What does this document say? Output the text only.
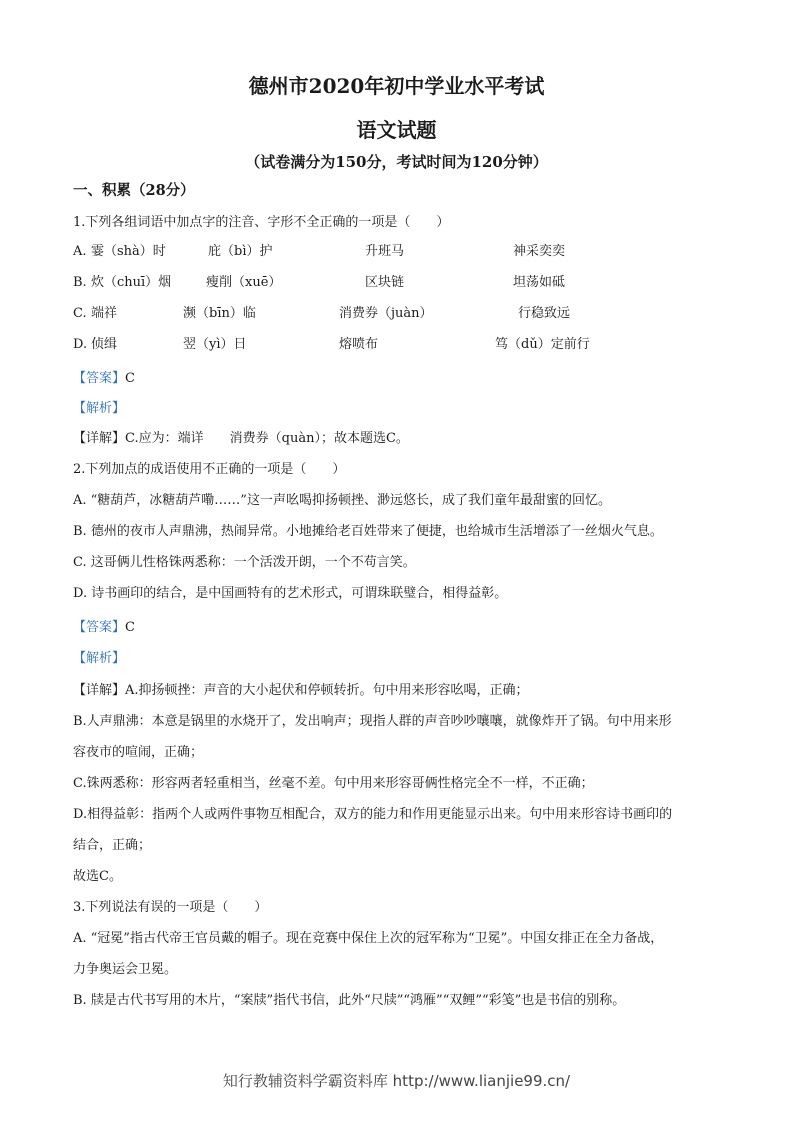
德州市2020年初中学业水平考试
语文试题
（试卷满分为150分，考试时间为120分钟）
一、积累（28分）
1.下列各组词语中加点字的注音、字形不全正确的一项是（　　）
A. 霎（shà）时	庇（bì）护	升班马	神采奕奕
B. 炊（chuī）烟	瘦削（xuē）	区块链	坦荡如砥
C. 端祥	濒（bīn）临	消费券（juàn）	行稳致远
D. 侦缉	翌（yì）日	熔喷布	笃（dǔ）定前行
【答案】C
【解析】
【详解】C.应为：端详　　消费券（quàn）；故本题选C。
2.下列加点的成语使用不正确的一项是（　　）
A. “糖葫芦，冰糖葫芦嘞……”这一声吆喝抑扬顿挫、渺远悠长，成了我们童年最甜蜜的回忆。
B. 德州的夜市人声鼎沸，热闹异常。小地摊给老百姓带来了便捷，也给城市生活增添了一丝烟火气息。
C. 这哥俩儿性格铢两悉称：一个活泼开朗，一个不苟言笑。
D. 诗书画印的结合，是中国画特有的艺术形式，可谓珠联璧合，相得益彰。
【答案】C
【解析】
【详解】A.抑扬顿挫：声音的大小起伏和停顿转折。句中用来形容吆喝，正确；
B.人声鼎沸：本意是锅里的水烧开了，发出响声；现指人群的声音吵吵嚷嚷，就像炸开了锅。句中用来形
容夜市的喧闹，正确；
C.铢两悉称：形容两者轻重相当，丝毫不差。句中用来形容哥俩性格完全不一样，不正确；
D.相得益彰：指两个人或两件事物互相配合，双方的能力和作用更能显示出来。句中用来形容诗书画印的
结合，正确；
故选C。
3.下列说法有误的一项是（　　）
A. “冠冕”指古代帝王官员戴的帽子。现在竞赛中保住上次的冠军称为“卫冕”。中国女排正在全力备战，
力争奥运会卫冕。
B. 牍是古代书写用的木片，“案牍”指代书信，此外“尺牍”“鸿雁”“双鲤”“彩笺”也是书信的别称。
知行教辅资料学霸资料库 http://www.lianjie99.cn/
